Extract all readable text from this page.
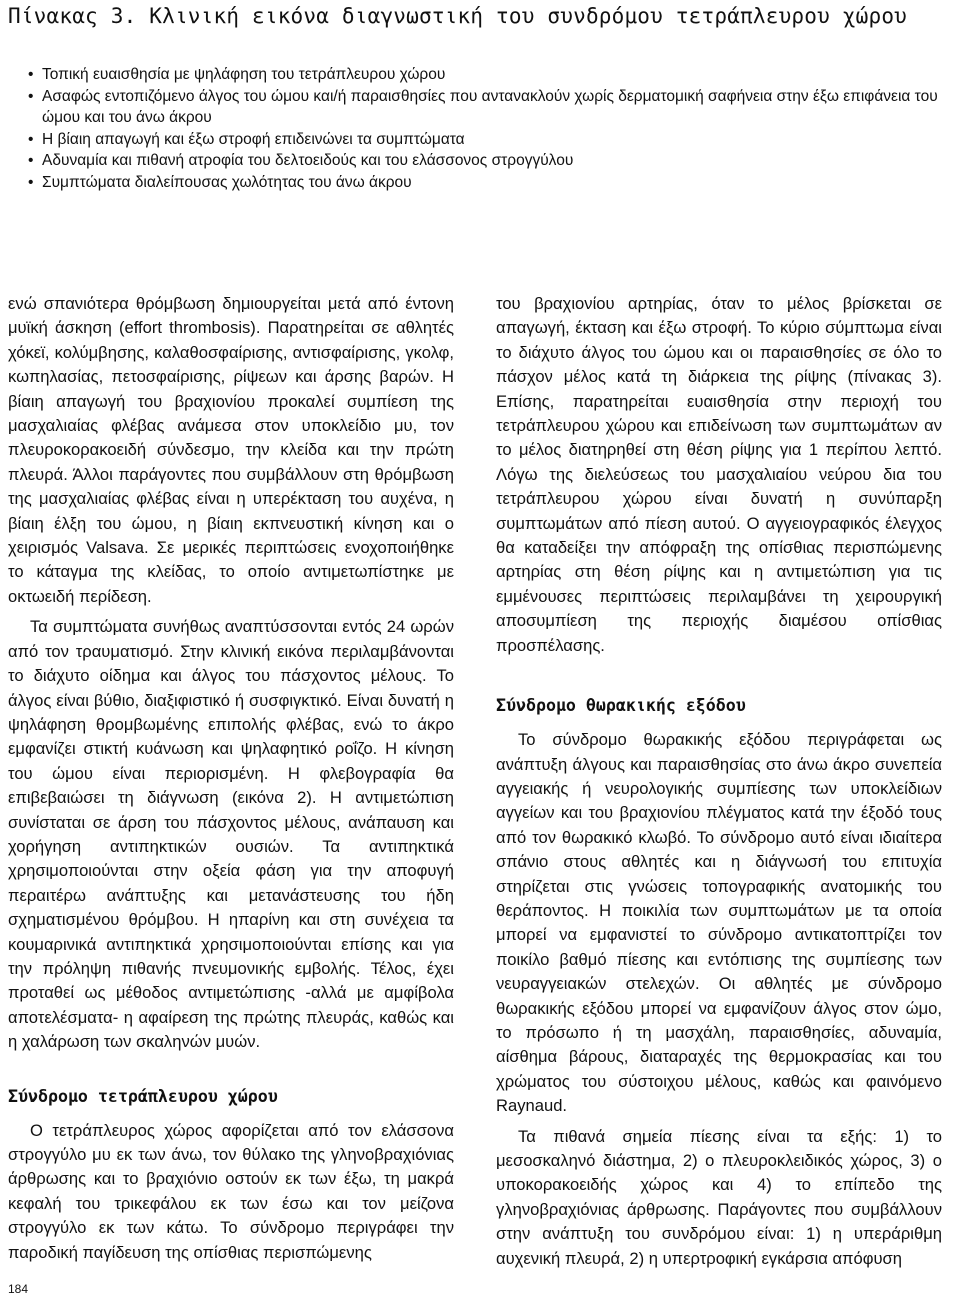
Πίνακας 3. Κλινική εικόνα διαγνωστική του συνδρόμου τετράπλευρου χώρου
• Τοπική ευαισθησία με ψηλάφηση του τετράπλευρου χώρου
• Ασαφώς εντοπιζόμενο άλγος του ώμου και/ή παραισθησίες που αντανακλούν χωρίς δερματομική σαφήνεια στην έξω επιφάνεια του ώμου και του άνω άκρου
• Η βίαιη απαγωγή και έξω στροφή επιδεινώνει τα συμπτώματα
• Αδυναμία και πιθανή ατροφία του δελτοειδούς και του ελάσσονος στρογγύλου
• Συμπτώματα διαλείπουσας χωλότητας του άνω άκρου

ενώ σπανιότερα θρόμβωση δημιουργείται μετά από έντονη μυϊκή άσκηση (effort thrombosis). Παρατηρείται σε αθλητές χόκεϊ, κολύμβησης, καλαθοσφαίρισης, αντισφαίρισης, γκολφ, κωπηλασίας, πετοσφαίρισης, ρίψεων και άρσης βαρών. Η βίαιη απαγωγή του βραχιονίου προκαλεί συμπίεση της μασχαλιαίας φλέβας ανάμεσα στον υποκλείδιο μυ, τον πλευροκορακοειδή σύνδεσμο, την κλείδα και την πρώτη πλευρά. Άλλοι παράγοντες που συμβάλλουν στη θρόμβωση της μασχαλιαίας φλέβας είναι η υπερέκταση του αυχένα, η βίαιη έλξη του ώμου, η βίαιη εκπνευστική κίνηση και ο χειρισμός Valsava. Σε μερικές περιπτώσεις ενοχοποιήθηκε το κάταγμα της κλείδας, το οποίο αντιμετωπίστηκε με οκτωειδή περίδεση.

Τα συμπτώματα συνήθως αναπτύσσονται εντός 24 ωρών από τον τραυματισμό. Στην κλινική εικόνα περιλαμβάνονται το διάχυτο οίδημα και άλγος του πάσχοντος μέλους. Το άλγος είναι βύθιο, διαξιφιστικό ή συσφιγκτικό. Είναι δυνατή η ψηλάφηση θρομβωμένης επιπολής φλέβας, ενώ το άκρο εμφανίζει στικτή κυάνωση και ψηλαφητικό ροΐζο. Η κίνηση του ώμου είναι περιορισμένη. Η φλεβογραφία θα επιβεβαιώσει τη διάγνωση (εικόνα 2). Η αντιμετώπιση συνίσταται σε άρση του πάσχοντος μέλους, ανάπαυση και χορήγηση αντιπηκτικών ουσιών. Τα αντιπηκτικά χρησιμοποιούνται στην οξεία φάση για την αποφυγή περαιτέρω ανάπτυξης και μετανάστευσης του ήδη σχηματισμένου θρόμβου. Η ηπαρίνη και στη συνέχεια τα κουμαρινικά αντιπηκτικά χρησιμοποιούνται επίσης και για την πρόληψη πιθανής πνευμονικής εμβολής. Τέλος, έχει προταθεί ως μέθοδος αντιμετώπισης -αλλά με αμφίβολα αποτελέσματα- η αφαίρεση της πρώτης πλευράς, καθώς και η χαλάρωση των σκαληνών μυών.

Σύνδρομο τετράπλευρου χώρου

Ο τετράπλευρος χώρος αφορίζεται από τον ελάσσονα στρογγύλο μυ εκ των άνω, τον θύλακο της γληνοβραχιόνιας άρθρωσης και το βραχιόνιο οστούν εκ των έξω, τη μακρά κεφαλή του τρικεφάλου εκ των έσω και τον μείζονα στρογγύλο εκ των κάτω. Το σύνδρομο περιγράφει την παροδική παγίδευση της οπίσθιας περισπώμενης

του βραχιονίου αρτηρίας, όταν το μέλος βρίσκεται σε απαγωγή, έκταση και έξω στροφή. Το κύριο σύμπτωμα είναι το διάχυτο άλγος του ώμου και οι παραισθησίες σε όλο το πάσχον μέλος κατά τη διάρκεια της ρίψης (πίνακας 3). Επίσης, παρατηρείται ευαισθησία στην περιοχή του τετράπλευρου χώρου και επιδείνωση των συμπτωμάτων αν το μέλος διατηρηθεί στη θέση ρίψης για 1 περίπου λεπτό. Λόγω της διελεύσεως του μασχαλιαίου νεύρου δια του τετράπλευρου χώρου είναι δυνατή η συνύπαρξη συμπτωμάτων από πίεση αυτού. Ο αγγειογραφικός έλεγχος θα καταδείξει την απόφραξη της οπίσθιας περισπώμενης αρτηρίας στη θέση ρίψης και η αντιμετώπιση για τις εμμένουσες περιπτώσεις περιλαμβάνει τη χειρουργική αποσυμπίεση της περιοχής διαμέσου οπίσθιας προσπέλασης.

Σύνδρομο θωρακικής εξόδου

Το σύνδρομο θωρακικής εξόδου περιγράφεται ως ανάπτυξη άλγους και παραισθησίας στο άνω άκρο συνεπεία αγγειακής ή νευρολογικής συμπίεσης των υποκλείδιων αγγείων και του βραχιονίου πλέγματος κατά την έξοδό τους από τον θωρακικό κλωβό. Το σύνδρομο αυτό είναι ιδιαίτερα σπάνιο στους αθλητές και η διάγνωσή του επιτυχία στηρίζεται στις γνώσεις τοπογραφικής ανατομικής του θεράποντος. Η ποικιλία των συμπτωμάτων με τα οποία μπορεί να εμφανιστεί το σύνδρομο αντικατοπτρίζει τον ποικίλο βαθμό πίεσης και εντόπισης της συμπίεσης των νευραγγειακών στελεχών. Οι αθλητές με σύνδρομο θωρακικής εξόδου μπορεί να εμφανίζουν άλγος στον ώμο, το πρόσωπο ή τη μασχάλη, παραισθησίες, αδυναμία, αίσθημα βάρους, διαταραχές της θερμοκρασίας και του χρώματος του σύστοιχου μέλους, καθώς και φαινόμενο Raynaud.

Τα πιθανά σημεία πίεσης είναι τα εξής: 1) το μεσοσκαληνό διάστημα, 2) ο πλευροκλειδικός χώρος, 3) ο υποκορακοειδής χώρος και 4) το επίπεδο της γληνοβραχιόνιας άρθρωσης. Παράγοντες που συμβάλλουν στην ανάπτυξη του συνδρόμου είναι: 1) η υπεράριθμη αυχενική πλευρά, 2) η υπερτροφική εγκάρσια απόφυση

184
